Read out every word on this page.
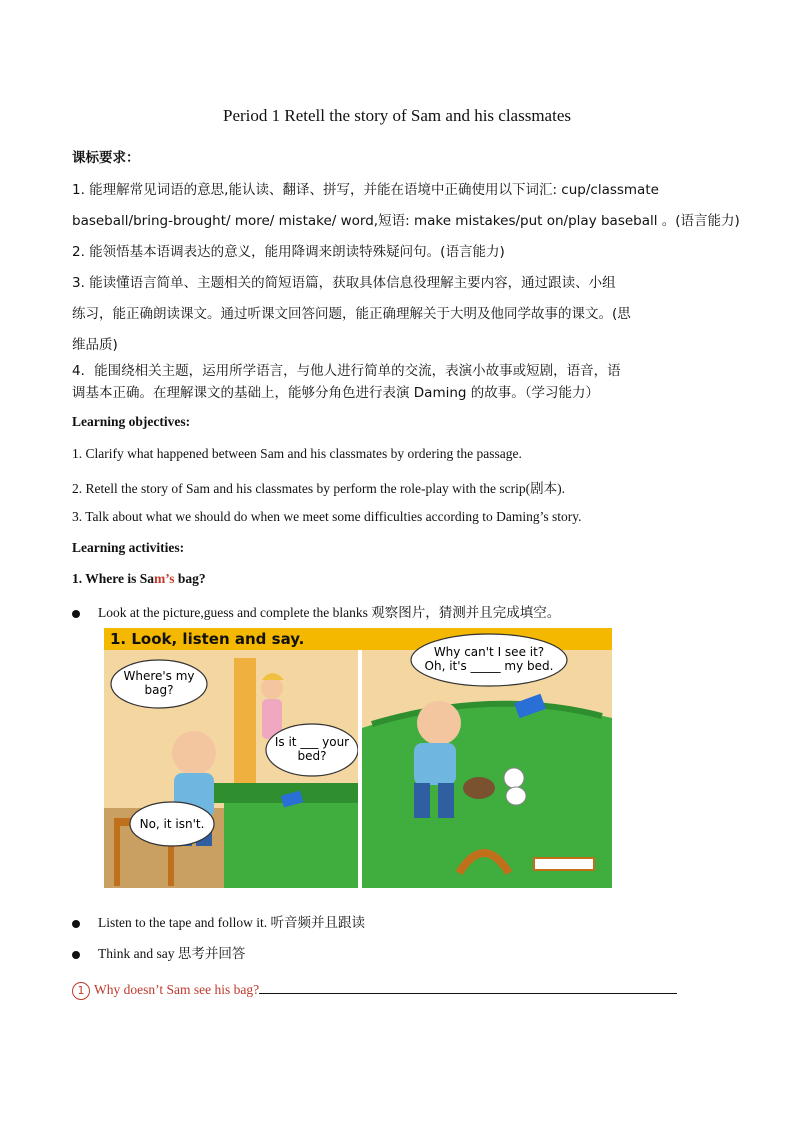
Period 1 Retell the story of Sam and his classmates
课标要求：
1. 能理解常见词语的意思,能认读、翻译、拼写，并能在语境中正确使用以下词汇: cup/classmate
baseball/bring-brought/ more/ mistake/ word,短语: make mistakes/put on/play baseball 。(语言能力)
2. 能领悟基本语调表达的意义，能用降调来朗读特殊疑问句。(语言能力)
3. 能读懂语言简单、主题相关的简短语篇，获取具体信息役理解主要内容，通过跟读、小组
练习，能正确朗读课文。通过听课文回答问题，能正确理解关于大明及他同学故事的课文。(思
维品质)
4．能围绕相关主题，运用所学语言，与他人进行简单的交流，表演小故事或短剧，语音，语
调基本正确。在理解课文的基础上，能够分角色进行表演 Daming 的故事。（学习能力）
Learning objectives:
1. Clarify what happened between Sam and his classmates by ordering the passage.
2. Retell the story of Sam and his classmates by perform the role-play with the scrip(剧本).
3. Talk about what we should do when we meet some difficulties according to Daming’s story.
Learning activities:
1. Where is Sam’s bag?
Look at the picture,guess and complete the blanks 观察图片，猜测并且完成填空。
1. Look, listen and say.
Where's my
bag?
Is it ___ your
bed?
No, it isn't.
Why can't I see it?
Oh, it's _____ my bed.
Listen to the tape and follow it. 听音频并且跟读
Think and say 思考并回答
1 Why doesn’t Sam see his bag?
